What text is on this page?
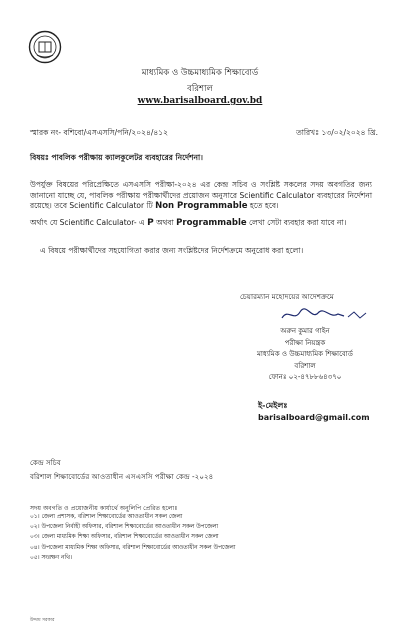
মাধ্যমিক ও উচ্চমাধ্যমিক শিক্ষাবোর্ড
বরিশাল
www.barisalboard.gov.bd
স্মারক নং- বশিবো/এসএসসি/পনি/২০২৪/৪১২	তারিখঃ ১৩/০২/২০২৪ খ্রি.
বিষয়ঃ পাবলিক পরীক্ষায় ক্যালকুলেটর ব্যবহারের নির্দেশনা।
উপর্যুক্ত বিষয়ের পরিপ্রেক্ষিতে এসএসসি পরীক্ষা-২০২৪ এর কেন্দ্র সচিব ও সংশ্লিষ্ট সকলের সদয় অবগতির জন্য জানানো যাচ্ছে যে, পাবলিক পরীক্ষায় পরীক্ষার্থীদের প্রয়োজন অনুসারে Scientific Calculator ব্যবহারের নির্দেশনা রয়েছে। তবে Scientific Calculator টি Non Programmable হতে হবে।
অর্থাৎ যে Scientific Calculator- এ P অথবা Programmable লেখা সেটা ব্যবহার করা যাবে না।
এ বিষয়ে পরীক্ষার্থীদের সহযোগিতা করার জন্য সংশ্লিষ্টদের নির্দেশক্রমে অনুরোধ করা হলো।
চেয়ারম্যান মহোদয়ের আদেশক্রমে
অরুন কুমার গাইন
পরীক্ষা নিয়ন্ত্রক
মাধ্যমিক ও উচ্চমাধ্যমিক শিক্ষাবোর্ড
বরিশাল
ফোনঃ ০২-৪৭৮৮৬৪৩৭০
ই-মেইলঃ barisalboard@gmail.com
কেন্দ্র সচিব
বরিশাল শিক্ষাবোর্ডের আওতাধীন এসএসসি পরীক্ষা কেন্দ্র -২০২৪
সদয় অবগতি ও প্রয়োজনীয় কার্যার্থে অনুলিপি প্রেরিত হলোঃ
০১। জেলা প্রশাসক, বরিশাল শিক্ষাবোর্ডের আওতাধীন সকল জেলা
০২। উপজেলা নির্বাহী অফিসার, বরিশাল শিক্ষাবোর্ডের আওতাধীন সকল উপজেলা
০৩। জেলা মাধ্যমিক শিক্ষা অফিসার, বরিশাল শিক্ষাবোর্ডের আওতাধীন সকল জেলা
০৪। উপজেলা মাধ্যমিক শিক্ষা অফিসার, বরিশাল শিক্ষাবোর্ডের আওতাধীন সকল উপজেলা
০৫। সংরক্ষণ নথি।
উদ্দাম সরকার
